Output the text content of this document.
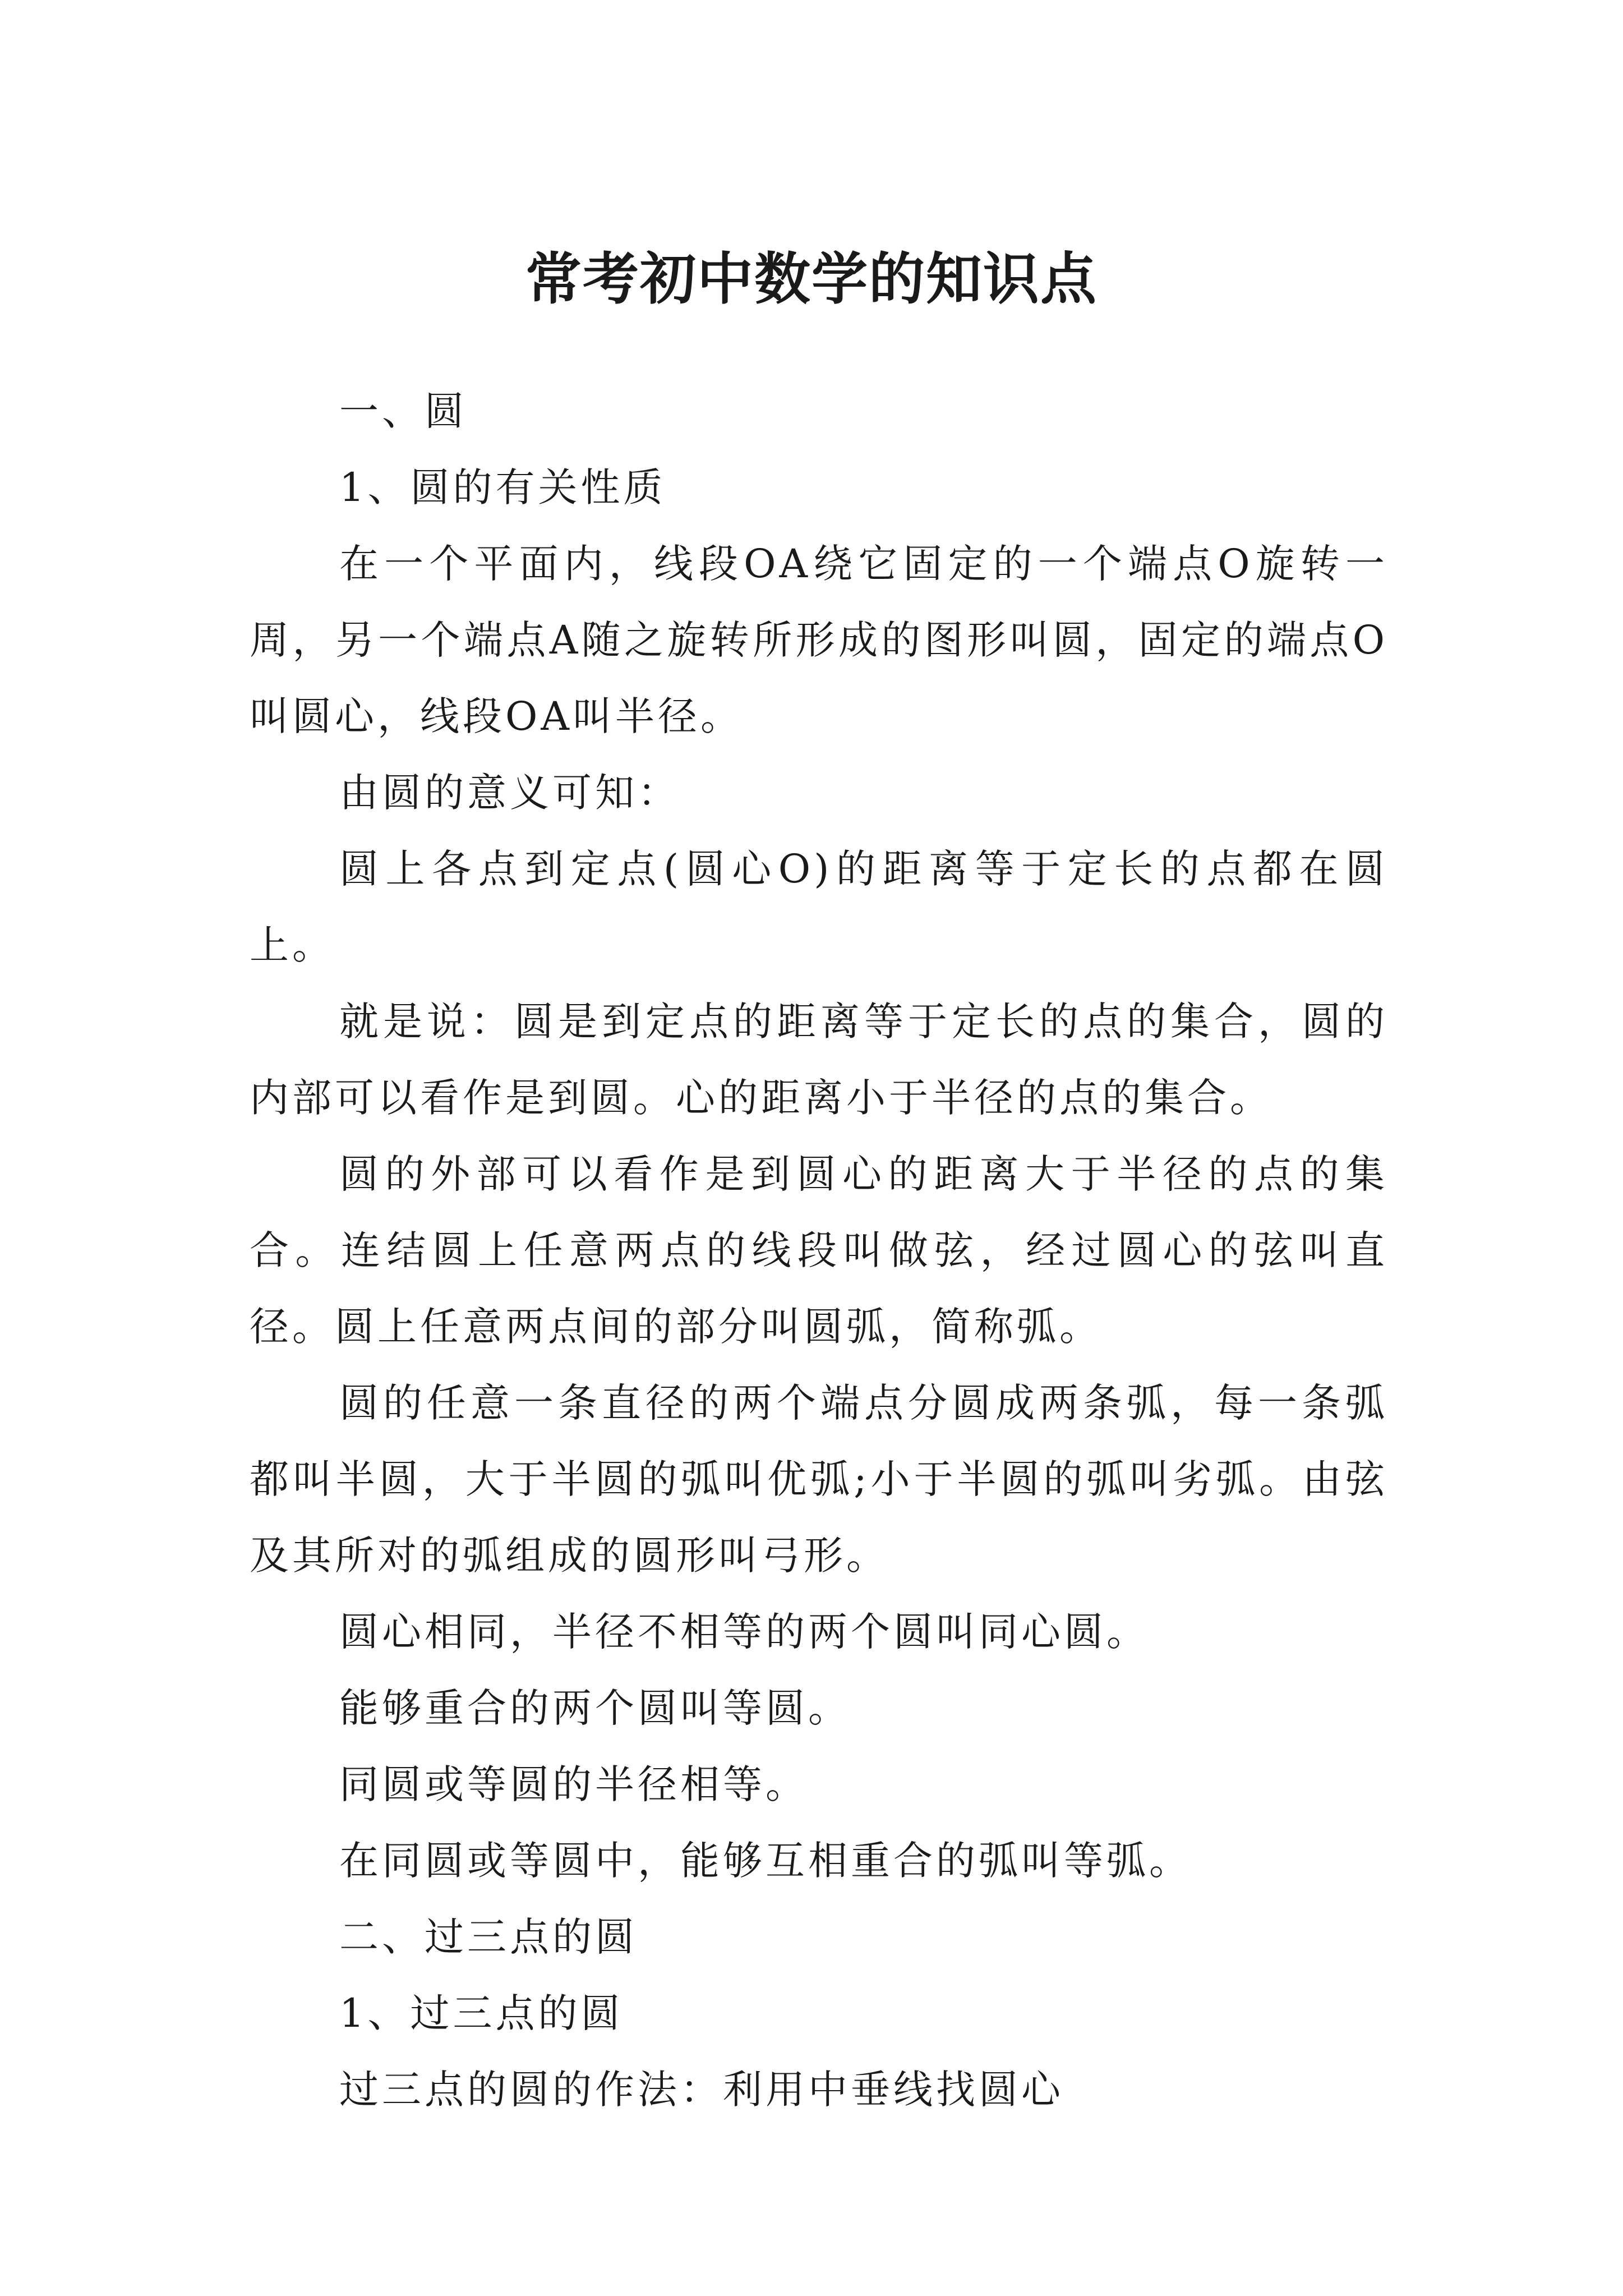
常考初中数学的知识点

一、圆

1、圆的有关性质

在一个平面内，线段OA绕它固定的一个端点O旋转一周，另一个端点A随之旋转所形成的图形叫圆，固定的端点O叫圆心，线段OA叫半径。

由圆的意义可知：

圆上各点到定点(圆心O)的距离等于定长的点都在圆上。

就是说：圆是到定点的距离等于定长的点的集合，圆的内部可以看作是到圆。心的距离小于半径的点的集合。

圆的外部可以看作是到圆心的距离大于半径的点的集合。连结圆上任意两点的线段叫做弦，经过圆心的弦叫直径。圆上任意两点间的部分叫圆弧，简称弧。

圆的任意一条直径的两个端点分圆成两条弧，每一条弧都叫半圆，大于半圆的弧叫优弧;小于半圆的弧叫劣弧。由弦及其所对的弧组成的圆形叫弓形。

圆心相同，半径不相等的两个圆叫同心圆。

能够重合的两个圆叫等圆。

同圆或等圆的半径相等。

在同圆或等圆中，能够互相重合的弧叫等弧。

二、过三点的圆

1、过三点的圆

过三点的圆的作法：利用中垂线找圆心
